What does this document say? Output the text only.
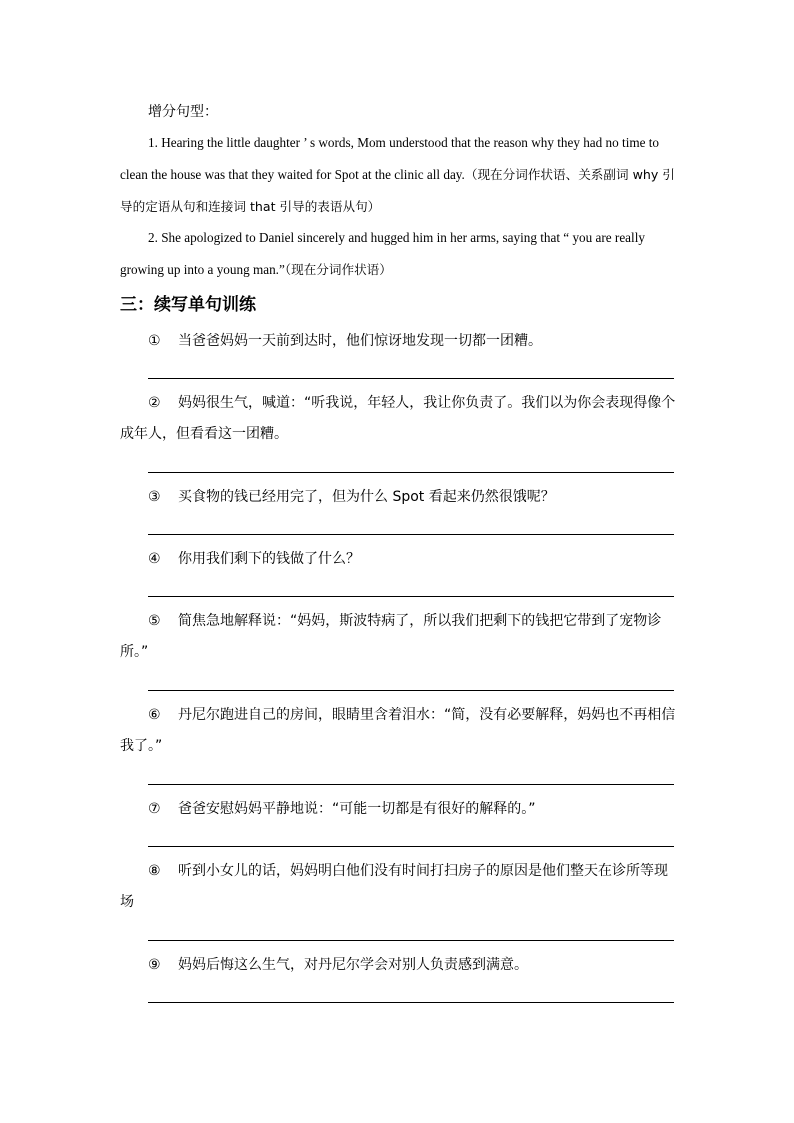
增分句型：
1. Hearing the little daughter ’ s words, Mom understood that the reason why they had no time to clean the house was that they waited for Spot at the clinic all day.（现在分词作状语、关系副词 why 引导的定语从句和连接词 that 引导的表语从句）
2. She apologized to Daniel sincerely and hugged him in her arms, saying that “ you are really growing up into a young man.”（现在分词作状语）
三：续写单句训练
① 当爸爸妈妈一天前到达时，他们惊讶地发现一切都一团糟。
② 妈妈很生气，喊道：“听我说，年轻人，我让你负责了。我们以为你会表现得像个成年人，但看看这一团糟。
③ 买食物的钱已经用完了，但为什么 Spot 看起来仍然很饿呢？
④ 你用我们剩下的钱做了什么？
⑤ 简焦急地解释说：“妈妈，斯波特病了，所以我们把剩下的钱把它带到了宠物诊所。”
⑥ 丹尼尔跑进自己的房间，眼睛里含着泪水：“简，没有必要解释，妈妈也不再相信我了。”
⑦ 爸爸安慰妈妈平静地说：“可能一切都是有很好的解释的。”
⑧ 听到小女儿的话，妈妈明白他们没有时间打扫房子的原因是他们整天在诊所等现场
⑨ 妈妈后悔这么生气，对丹尼尔学会对别人负责感到满意。
